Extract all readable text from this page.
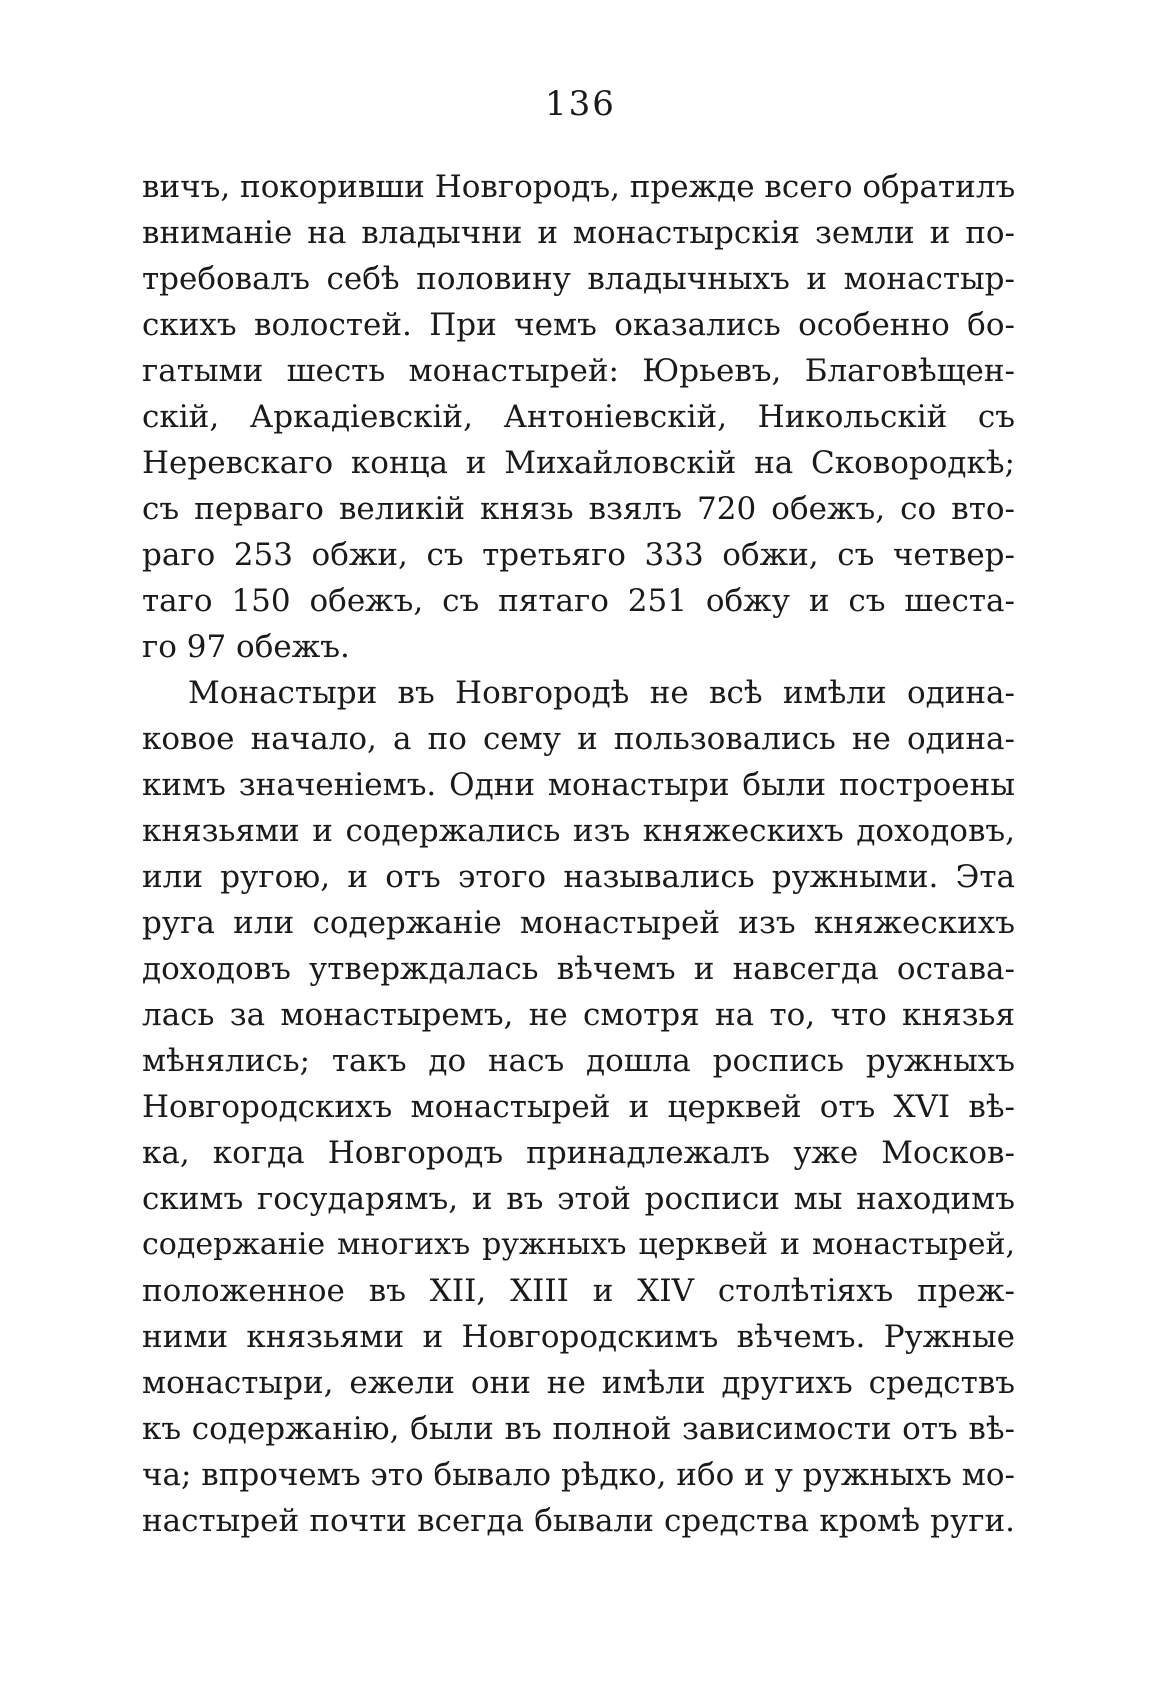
136
вичъ, покоривши Новгородъ, прежде всего обратилъ
вниманіе на владычни и монастырскія земли и по-
требовалъ себѣ половину владычныхъ и монастыр-
скихъ волостей. При чемъ оказались особенно бо-
гатыми шесть монастырей: Юрьевъ, Благовѣщен-
скій, Аркадіевскій, Антоніевскій, Никольскій съ
Неревскаго конца и Михайловскій на Сковородкѣ;
съ перваго великій князь взялъ 720 обежъ, со вто-
раго 253 обжи, съ третьяго 333 обжи, съ четвер-
таго 150 обежъ, съ пятаго 251 обжу и съ шеста-
го 97 обежъ.
Монастыри въ Новгородѣ не всѣ имѣли одина-
ковое начало, а по сему и пользовались не одина-
кимъ значеніемъ. Одни монастыри были построены
князьями и содержались изъ княжескихъ доходовъ,
или ругою, и отъ этого назывались ружными. Эта
руга или содержаніе монастырей изъ княжескихъ
доходовъ утверждалась вѣчемъ и навсегда остава-
лась за монастыремъ, не смотря на то, что князья
мѣнялись; такъ до насъ дошла роспись ружныхъ
Новгородскихъ монастырей и церквей отъ XVI вѣ-
ка, когда Новгородъ принадлежалъ уже Москов-
скимъ государямъ, и въ этой росписи мы находимъ
содержаніе многихъ ружныхъ церквей и монастырей,
положенное въ XII, XIII и XIV столѣтіяхъ преж-
ними князьями и Новгородскимъ вѣчемъ. Ружные
монастыри, ежели они не имѣли другихъ средствъ
къ содержанію, были въ полной зависимости отъ вѣ-
ча; впрочемъ это бывало рѣдко, ибо и у ружныхъ мо-
настырей почти всегда бывали средства кромѣ руги.
